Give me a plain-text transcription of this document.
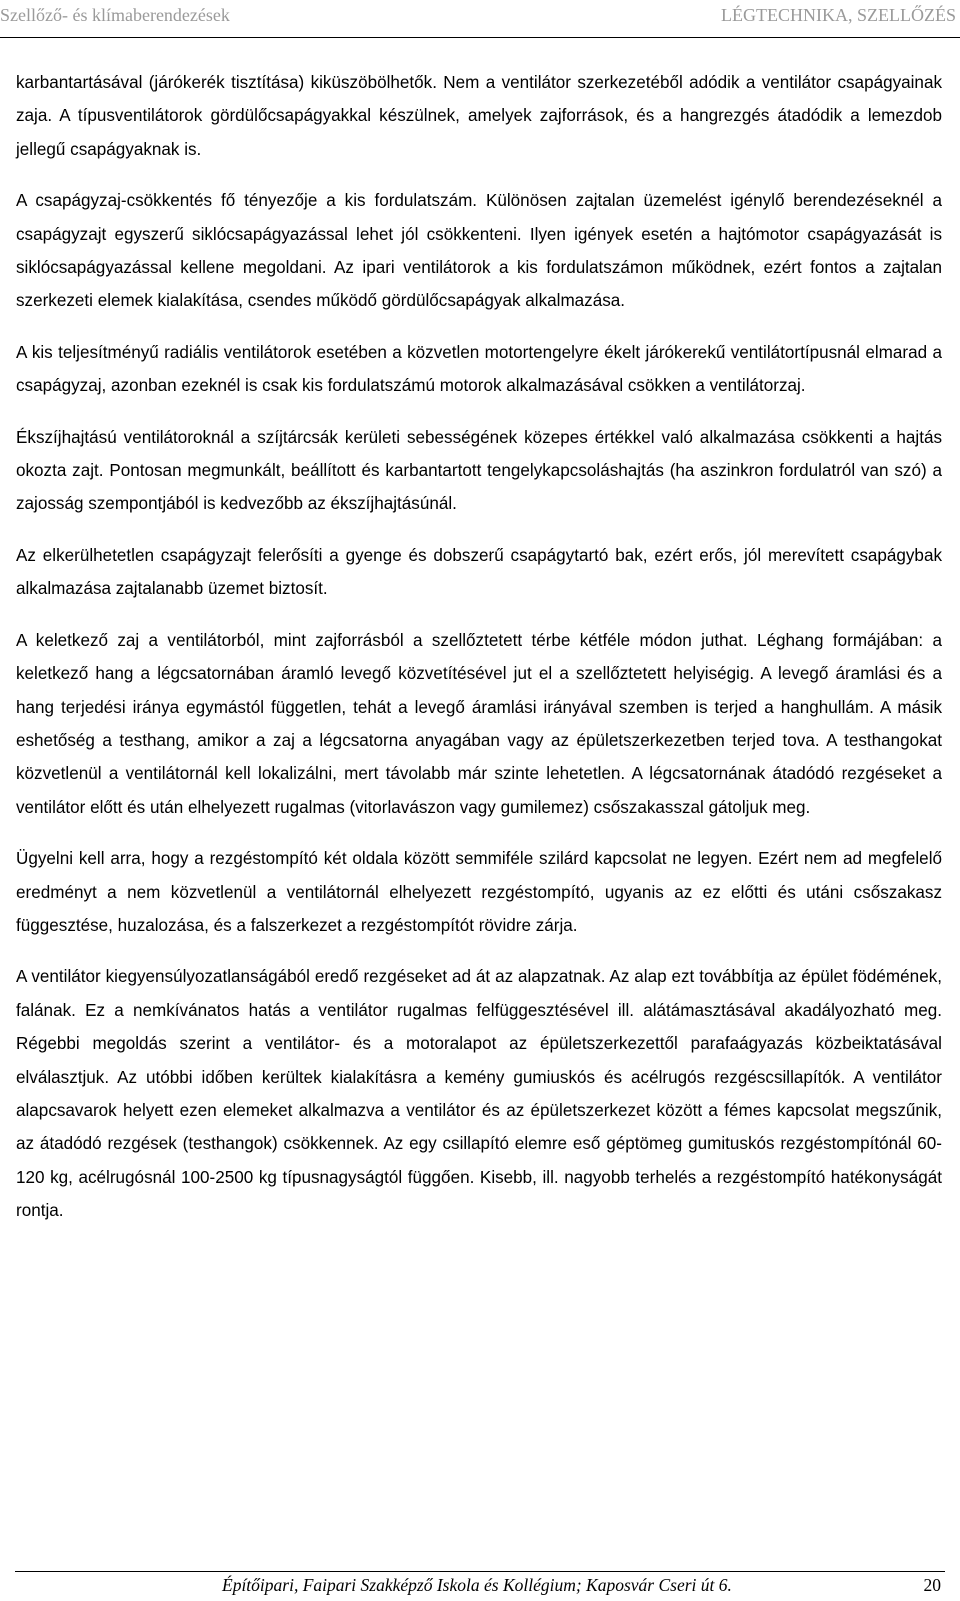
Szellőző- és klímaberendezések	LÉGTECHNIKA, SZELLŐZÉS

karbantartásával (járókerék tisztítása) kiküszöbölhetők. Nem a ventilátor szerkezetéből adódik a ventilátor csapágyainak zaja. A típusventilátorok gördülőcsapágyakkal készülnek, amelyek zajforrások, és a hangrezgés átadódik a lemezdob jellegű csapágyaknak is.

A csapágyzaj-csökkentés fő tényezője a kis fordulatszám. Különösen zajtalan üzemelést igénylő berendezéseknél a csapágyzajt egyszerű siklócsapágyazással lehet jól csökkenteni. Ilyen igények esetén a hajtómotor csapágyazását is siklócsapágyazással kellene megoldani. Az ipari ventilátorok a kis fordulatszámon működnek, ezért fontos a zajtalan szerkezeti elemek kialakítása, csendes működő gördülőcsapágyak alkalmazása.

A kis teljesítményű radiális ventilátorok esetében a közvetlen motortengelyre ékelt járókerekű ventilátortípusnál elmarad a csapágyzaj, azonban ezeknél is csak kis fordulatszámú motorok alkalmazásával csökken a ventilátorzaj.

Ékszíjhajtású ventilátoroknál a szíjtárcsák kerületi sebességének közepes értékkel való alkalmazása csökkenti a hajtás okozta zajt. Pontosan megmunkált, beállított és karbantartott tengelykapcsoláshajtás (ha aszinkron fordulatról van szó) a zajosság szempontjából is kedvezőbb az ékszíjhajtásúnál.

Az elkerülhetetlen csapágyzajt felerősíti a gyenge és dobszerű csapágytartó bak, ezért erős, jól merevített csapágybak alkalmazása zajtalanabb üzemet biztosít.

A keletkező zaj a ventilátorból, mint zajforrásból a szellőztetett térbe kétféle módon juthat. Léghang formájában: a keletkező hang a légcsatornában áramló levegő közvetítésével jut el a szellőztetett helyiségig. A levegő áramlási és a hang terjedési iránya egymástól független, tehát a levegő áramlási irányával szemben is terjed a hanghullám. A másik eshetőség a testhang, amikor a zaj a légcsatorna anyagában vagy az épületszerkezetben terjed tova. A testhangokat közvetlenül a ventilátornál kell lokalizálni, mert távolabb már szinte lehetetlen. A légcsatornának átadódó rezgéseket a ventilátor előtt és után elhelyezett rugalmas (vitorlavászon vagy gumilemez) csőszakasszal gátoljuk meg.

Ügyelni kell arra, hogy a rezgéstompító két oldala között semmiféle szilárd kapcsolat ne legyen. Ezért nem ad megfelelő eredményt a nem közvetlenül a ventilátornál elhelyezett rezgéstompító, ugyanis az ez előtti és utáni csőszakasz függesztése, huzalozása, és a falszerkezet a rezgéstompítót rövidre zárja.

A ventilátor kiegyensúlyozatlanságából eredő rezgéseket ad át az alapzatnak. Az alap ezt továbbítja az épület födémének, falának. Ez a nemkívánatos hatás a ventilátor rugalmas felfüggesztésével ill. alátámasztásával akadályozható meg. Régebbi megoldás szerint a ventilátor- és a motoralapot az épületszerkezettől parafaágyazás közbeiktatásával elválasztjuk. Az utóbbi időben kerültek kialakításra a kemény gumiuskós és acélrugós rezgéscsillapítók. A ventilátor alapcsavarok helyett ezen elemeket alkalmazva a ventilátor és az épületszerkezet között a fémes kapcsolat megszűnik, az átadódó rezgések (testhangok) csökkennek. Az egy csillapító elemre eső géptömeg gumituskós rezgéstompítónál 60-120 kg, acélrugósnál 100-2500 kg típusnagyságtól függően. Kisebb, ill. nagyobb terhelés a rezgéstompító hatékonyságát rontja.

Építőipari, Faipari Szakképző Iskola és Kollégium; Kaposvár Cseri út 6.	20
